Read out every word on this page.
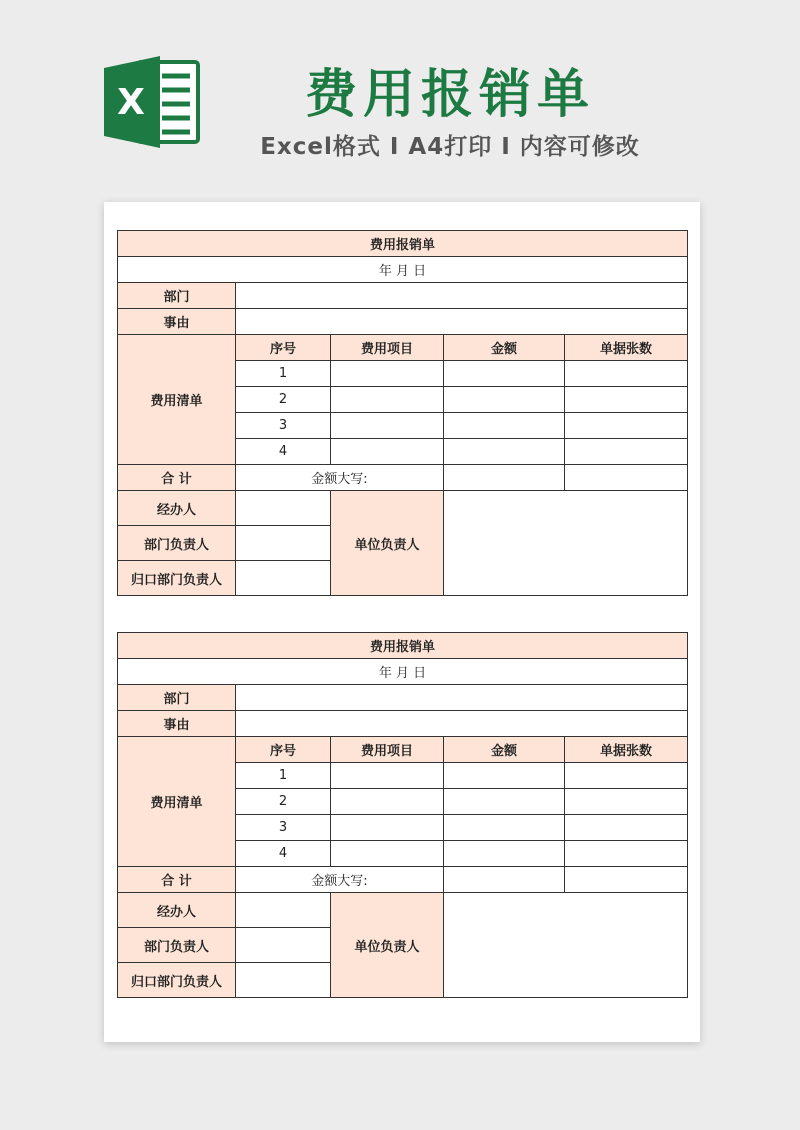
X	费用报销单
Excel格式 I A4打印 I 内容可修改
费用报销单				
年 月 日				
部门				
事由				
费用清单	序号	费用项目	金额	单据张数
	1			
	2			
	3			
	4			
合 计	金额大写:			
经办人		单位负责人		
部门负责人				
归口部门负责人				
费用报销单				
年 月 日				
部门				
事由				
费用清单	序号	费用项目	金额	单据张数
	1			
	2			
	3			
	4			
合 计	金额大写:			
经办人		单位负责人		
部门负责人				
归口部门负责人				
